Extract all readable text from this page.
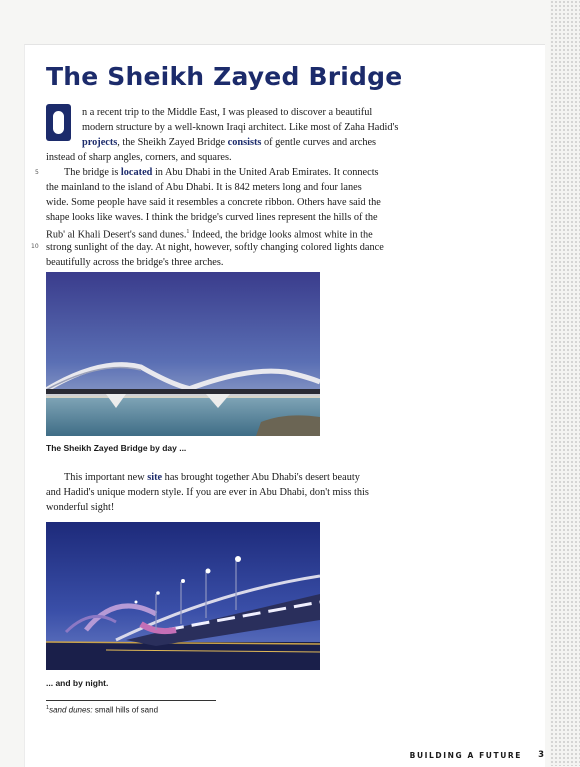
The Sheikh Zayed Bridge

n a recent trip to the Middle East, I was pleased to discover a beautiful

modern structure by a well-known Iraqi architect. Like most of Zaha Hadid's

projects, the Sheikh Zayed Bridge consists of gentle curves and arches

instead of sharp angles, corners, and squares.

5 The bridge is located in Abu Dhabi in the United Arab Emirates. It connects

the mainland to the island of Abu Dhabi. It is 842 meters long and four lanes

wide. Some people have said it resembles a concrete ribbon. Others have said the

shape looks like waves. I think the bridge's curved lines represent the hills of the

Rub' al Khali Desert's sand dunes.$^1$ Indeed, the bridge looks almost white in the

10 strong sunlight of the day. At night, however, softly changing colored lights dance

beautifully across the bridge's three arches.

The Sheikh Zayed Bridge by day ...

This important new site has brought together Abu Dhabi's desert beauty

and Hadid's unique modern style. If you are ever in Abu Dhabi, don't miss this

wonderful sight!

... and by night.

$^1$sand dunes: small hills of sand

BUILDING A FUTURE 3
